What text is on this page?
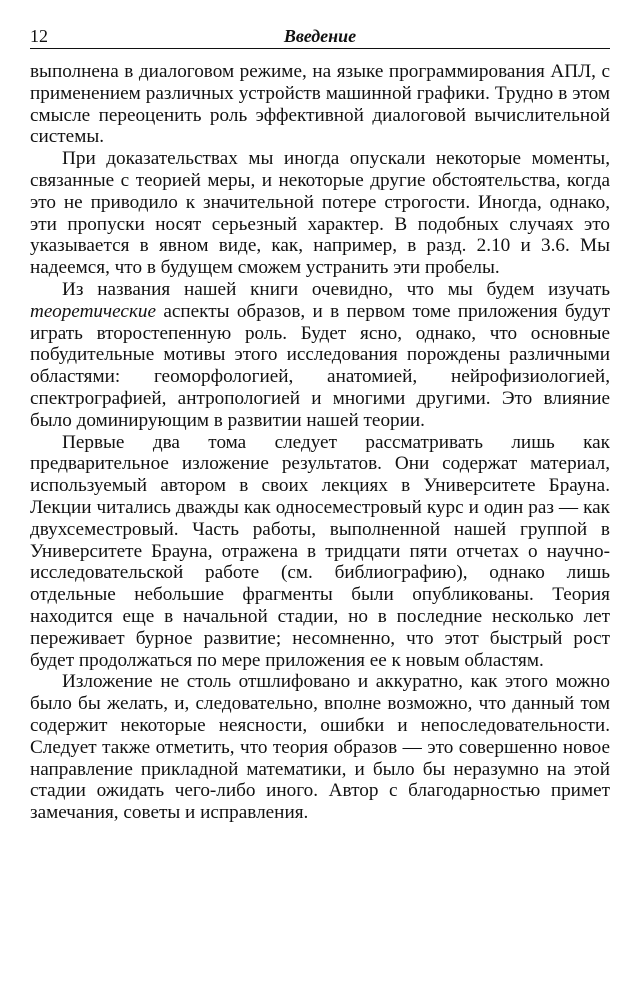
12	Введение

выполнена в диалоговом режиме, на языке программирования АПЛ, с применением различных устройств машинной графики. Трудно в этом смысле переоценить роль эффективной диалоговой вычислительной системы.

При доказательствах мы иногда опускали некоторые моменты, связанные с теорией меры, и некоторые другие обстоятельства, когда это не приводило к значительной потере строгости. Иногда, однако, эти пропуски носят серьезный характер. В подобных случаях это указывается в явном виде, как, например, в разд. 2.10 и 3.6. Мы надеемся, что в будущем сможем устранить эти пробелы.

Из названия нашей книги очевидно, что мы будем изучать теоретические аспекты образов, и в первом томе приложения будут играть второстепенную роль. Будет ясно, однако, что основные побудительные мотивы этого исследования порождены различными областями: геоморфологией, анатомией, нейрофизиологией, спектрографией, антропологией и многими другими. Это влияние было доминирующим в развитии нашей теории.

Первые два тома следует рассматривать лишь как предварительное изложение результатов. Они содержат материал, используемый автором в своих лекциях в Университете Брауна. Лекции читались дважды как односеместровый курс и один раз — как двухсеместровый. Часть работы, выполненной нашей группой в Университете Брауна, отражена в тридцати пяти отчетах о научно-исследовательской работе (см. библиографию), однако лишь отдельные небольшие фрагменты были опубликованы. Теория находится еще в начальной стадии, но в последние несколько лет переживает бурное развитие; несомненно, что этот быстрый рост будет продолжаться по мере приложения ее к новым областям.

Изложение не столь отшлифовано и аккуратно, как этого можно было бы желать, и, следовательно, вполне возможно, что данный том содержит некоторые неясности, ошибки и непоследовательности. Следует также отметить, что теория образов — это совершенно новое направление прикладной математики, и было бы неразумно на этой стадии ожидать чего-либо иного. Автор с благодарностью примет замечания, советы и исправления.
